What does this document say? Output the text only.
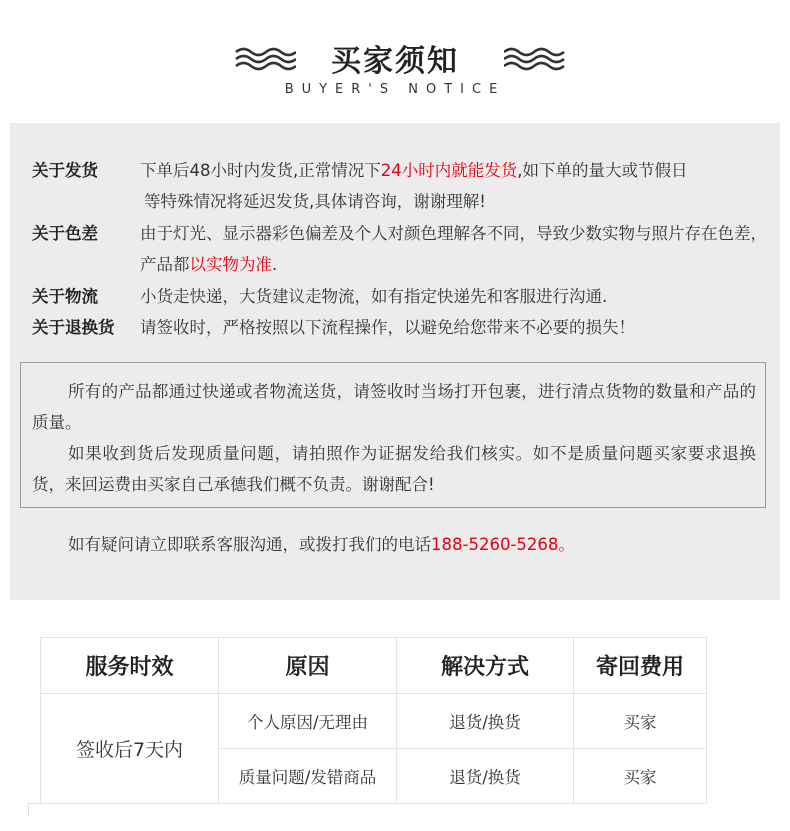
买家须知
BUYER'S NOTICE
关于发货	下单后48小时内发货,正常情况下24小时内就能发货,如下单的量大或节假日
等特殊情况将延迟发货,具体请咨询，谢谢理解!
关于色差	由于灯光、显示器彩色偏差及个人对颜色理解各不同，导致少数实物与照片存在色差，产品都以实物为准.
关于物流	小货走快递，大货建议走物流，如有指定快递先和客服进行沟通.
关于退换货 请签收时，严格按照以下流程操作，以避免给您带来不必要的损失！

所有的产品都通过快递或者物流送货，请签收时当场打开包裹，进行清点货物的数量和产品的质量。

如果收到货后发现质量问题，请拍照作为证据发给我们核实。如不是质量问题买家要求退换货，来回运费由买家自己承德我们概不负责。谢谢配合!

如有疑问请立即联系客服沟通，或拨打我们的电话188-5260-5268。
服务时效	原因	解决方式	寄回费用
签收后7天内	个人原因/无理由	退货/换货	买家
	质量问题/发错商品	退货/换货	买家
